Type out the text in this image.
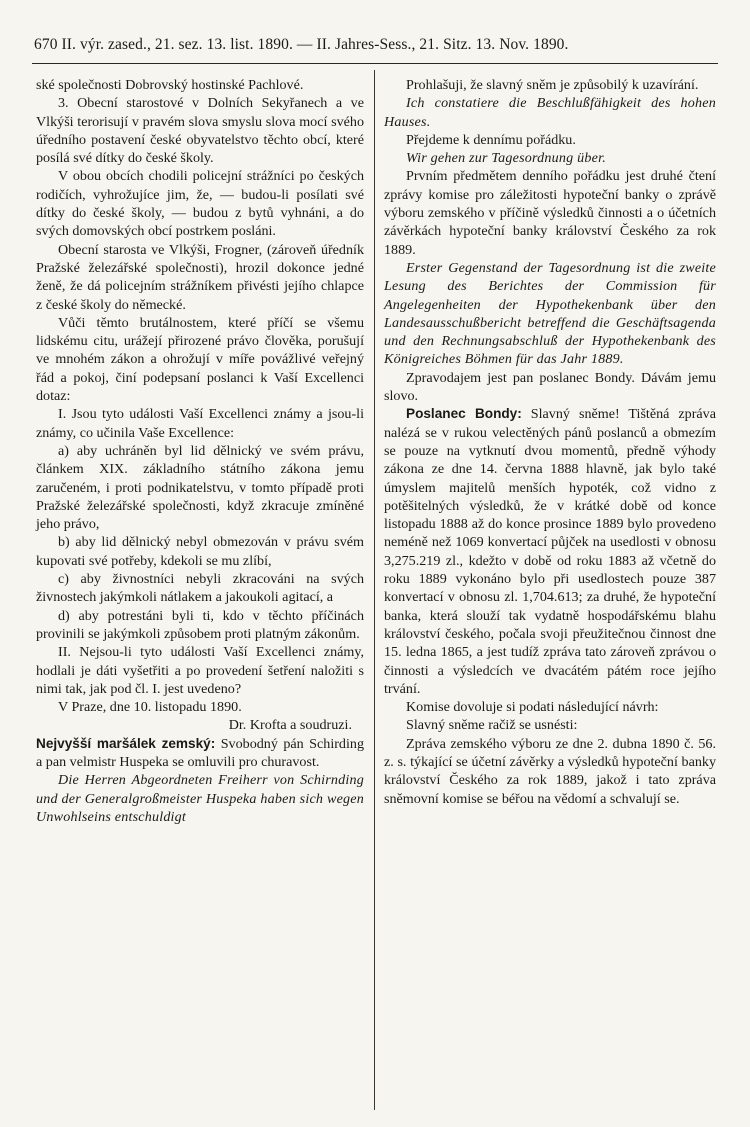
670 II. výr. zased., 21. sez. 13. list. 1890. — II. Jahres-Sess., 21. Sitz. 13. Nov. 1890.

ské společnosti Dobrovský hostinské Pachlové.

3. Obecní starostové v Dolních Sekyřanech a ve Vlkýši terorisují v pravém slova smyslu slova mocí svého úředního postavení české obyvatelstvo těchto obcí, které posílá své dítky do české školy.

V obou obcích chodili policejní strážníci po českých rodičích, vyhrožujíce jim, že, — budou-li posílati své dítky do české školy, — budou z bytů vyhnáni, a do svých domovských obcí postrkem posláni.

Obecní starosta ve Vlkýši, Frogner, (zároveň úředník Pražské železářské společnosti), hrozil dokonce jedné ženě, že dá policejním strážníkem přivésti jejího chlapce z české školy do německé.

Vůči těmto brutálnostem, které příčí se všemu lidskému citu, urážejí přirozené právo člověka, porušují ve mnohém zákon a ohrožují v míře povážlivé veřejný řád a pokoj, činí podepsaní poslanci k Vaší Excellenci dotaz:

I. Jsou tyto události Vaší Excellenci známy a jsou-li známy, co učinila Vaše Excellence:

a) aby uchráněn byl lid dělnický ve svém právu, článkem XIX. základního státního zákona jemu zaručeném, i proti podnikatelstvu, v tomto případě proti Pražské železářské společnosti, když zkracuje zmíněné jeho právo,

b) aby lid dělnický nebyl obmezován v právu svém kupovati své potřeby, kdekoli se mu zlíbí,

c) aby živnostníci nebyli zkracováni na svých živnostech jakýmkoli nátlakem a jakoukoli agitací, a

d) aby potrestáni byli ti, kdo v těchto příčinách provinili se jakýmkoli způsobem proti platným zákonům.

II. Nejsou-li tyto události Vaší Excellenci známy, hodlali je dáti vyšetřiti a po provedení šetření naložiti s nimi tak, jak pod čl. I. jest uvedeno?

V Praze, dne 10. listopadu 1890.

Dr. Krofta a soudruzi.

Nejvyšší maršálek zemský: Svobodný pán Schirding a pan velmistr Huspeka se omluvili pro churavost.

Die Herren Abgeordneten Freiherr von Schirnding und der Generalgroßmeister Huspeka haben sich wegen Unwohlseins entschuldigt

Prohlašuji, že slavný sněm je způsobilý k uzavírání.

Ich constatiere die Beschlußfähigkeit des hohen Hauses.

Přejdeme k dennímu pořádku.

Wir gehen zur Tagesordnung über.

Prvním předmětem denního pořádku jest druhé čtení zprávy komise pro záležitosti hypoteční banky o zprávě výboru zemského v příčině výsledků činnosti a o účetních závěrkách hypoteční banky království Českého za rok 1889.

Erster Gegenstand der Tagesordnung ist die zweite Lesung des Berichtes der Commission für Angelegenheiten der Hypothekenbank über den Landesausschußbericht betreffend die Geschäftsagenda und den Rechnungsabschluß der Hypothekenbank des Königreiches Böhmen für das Jahr 1889.

Zpravodajem jest pan poslanec Bondy. Dávám jemu slovo.

Poslanec Bondy: Slavný sněme! Tištěná zpráva nalézá se v rukou velectěných pánů poslanců a obmezím se pouze na vytknutí dvou momentů, předně výhody zákona ze dne 14. června 1888 hlavně, jak bylo také úmyslem majitelů menších hypoték, což vidno z potěšitelných výsledků, že v krátké době od konce listopadu 1888 až do konce prosince 1889 bylo provedeno neméně než 1069 konvertací půjček na usedlosti v obnosu 3,275.219 zl., kdežto v době od roku 1883 až včetně do roku 1889 vykonáno bylo při usedlostech pouze 387 konvertací v obnosu zl. 1,704.613; za druhé, že hypoteční banka, která slouží tak vydatně hospodářskému blahu království českého, počala svoji přeužitečnou činnost dne 15. ledna 1865, a jest tudíž zpráva tato zároveň zprávou o činnosti a výsledcích ve dvacátém pátém roce jejího trvání.

Komise dovoluje si podati následující návrh:

Slavný sněme račiž se usnésti:

Zpráva zemského výboru ze dne 2. dubna 1890 č. 56. z. s. týkající se účetní závěrky a výsledků hypoteční banky království Českého za rok 1889, jakož i tato zpráva sněmovní komise se béřou na vědomí a schvalují se.
